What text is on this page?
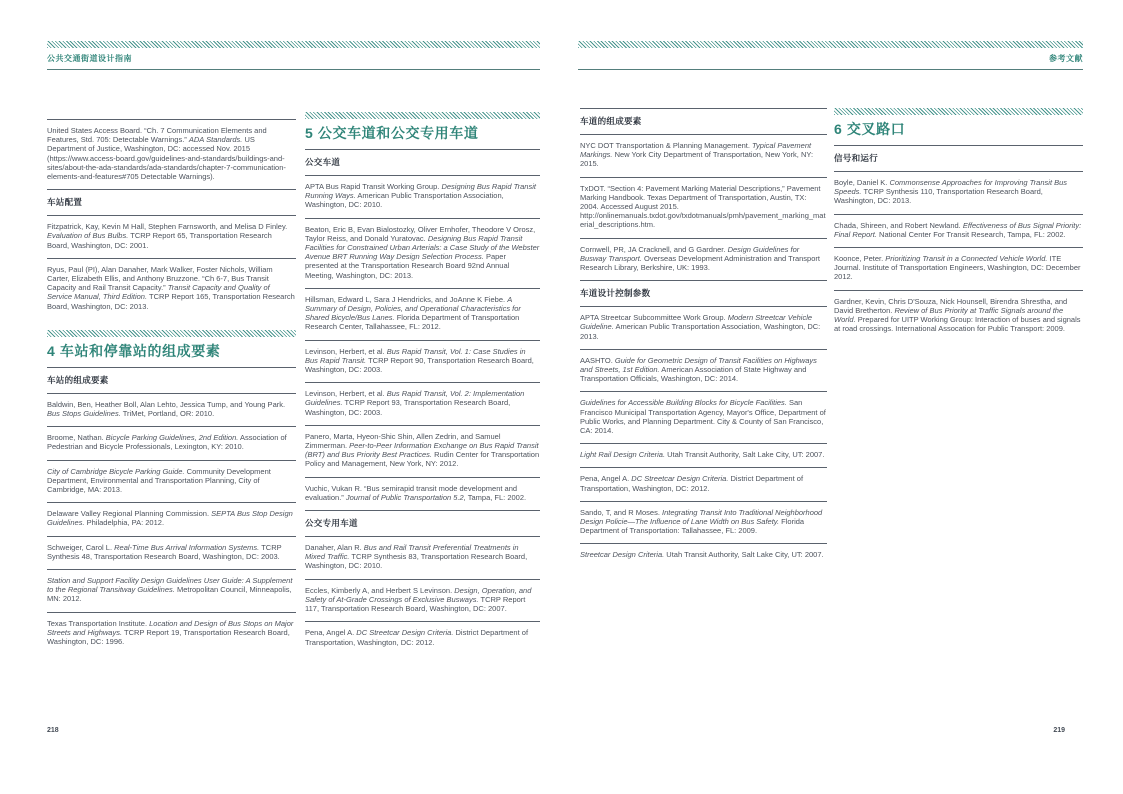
公共交通街道设计指南
United States Access Board. “Ch. 7 Communication Elements and Features, Std. 705: Detectable Warnings.” ADA Standards. US Department of Justice, Washington, DC: accessed Nov. 2015 (https://www.access-board.gov/guidelines-and-standards/buildings-and-sites/about-the-ada-standards/ada-standards/chapter-7-communication-elements-and-features#705 Detectable Warnings).
车站配置
Fitzpatrick, Kay, Kevin M Hall, Stephen Farnsworth, and Melisa D Finley. Evaluation of Bus Bulbs. TCRP Report 65, Transportation Research Board, Washington, DC: 2001.
Ryus, Paul (PI), Alan Danaher, Mark Walker, Foster Nichols, William Carter, Elizabeth Ellis, and Anthony Bruzzone. “Ch 6-7, Bus Transit Capacity and Rail Transit Capacity.” Transit Capacity and Quality of Service Manual, Third Edition. TCRP Report 165, Transportation Research Board, Washington, DC: 2013.
4 车站和停靠站的组成要素
车站的组成要素
Baldwin, Ben, Heather Boll, Alan Lehto, Jessica Tump, and Young Park. Bus Stops Guidelines. TriMet, Portland, OR: 2010.
Broome, Nathan. Bicycle Parking Guidelines, 2nd Edition. Association of Pedestrian and Bicycle Professionals, Lexington, KY: 2010.
City of Cambridge Bicycle Parking Guide. Community Development Department, Environmental and Transportation Planning, City of Cambridge, MA: 2013.
Delaware Valley Regional Planning Commission. SEPTA Bus Stop Design Guidelines. Philadelphia, PA: 2012.
Schweiger, Carol L. Real-Time Bus Arrival Information Systems. TCRP Synthesis 48, Transportation Research Board, Washington, DC: 2003.
Station and Support Facility Design Guidelines User Guide: A Supplement to the Regional Transitway Guidelines. Metropolitan Council, Minneapolis, MN: 2012.
Texas Transportation Institute. Location and Design of Bus Stops on Major Streets and Highways. TCRP Report 19, Transportation Research Board, Washington, DC: 1996.
5 公交车道和公交专用车道
公交车道
APTA Bus Rapid Transit Working Group. Designing Bus Rapid Transit Running Ways. American Public Transportation Association, Washington, DC: 2010.
Beaton, Eric B, Evan Bialostozky, Oliver Ernhofer, Theodore V Orosz, Taylor Reiss, and Donald Yuratovac. Designing Bus Rapid Transit Facilities for Constrained Urban Arterials: a Case Study of the Webster Avenue BRT Running Way Design Selection Process. Paper presented at the Transportation Research Board 92nd Annual Meeting, Washington, DC: 2013.
Hillsman, Edward L, Sara J Hendricks, and JoAnne K Fiebe. A Summary of Design, Policies, and Operational Characteristics for Shared Bicycle/Bus Lanes. Florida Department of Transportation Research Center, Tallahassee, FL: 2012.
Levinson, Herbert, et al. Bus Rapid Transit, Vol. 1: Case Studies in Bus Rapid Transit. TCRP Report 90, Transportation Research Board, Washington, DC: 2003.
Levinson, Herbert, et al. Bus Rapid Transit, Vol. 2: Implementation Guidelines. TCRP Report 93, Transportation Research Board, Washington, DC: 2003.
Panero, Marta, Hyeon-Shic Shin, Allen Zedrin, and Samuel Zimmerman. Peer-to-Peer Information Exchange on Bus Rapid Transit (BRT) and Bus Priority Best Practices. Rudin Center for Transportation Policy and Management, New York, NY: 2012.
Vuchic, Vukan R. “Bus semirapid transit mode development and evaluation.” Journal of Public Transportation 5.2, Tampa, FL: 2002.
公交专用车道
Danaher, Alan R. Bus and Rail Transit Preferential Treatments in Mixed Traffic. TCRP Synthesis 83, Transportation Research Board, Washington, DC: 2010.
Eccles, Kimberly A, and Herbert S Levinson. Design, Operation, and Safety of At-Grade Crossings of Exclusive Busways. TCRP Report 117, Transportation Research Board, Washington, DC: 2007.
Pena, Angel A. DC Streetcar Design Criteria. District Department of Transportation, Washington, DC: 2012.
218
参考文献
车道的组成要素
NYC DOT Transportation & Planning Management. Typical Pavement Markings. New York City Department of Transportation, New York, NY: 2015.
TxDOT. “Section 4: Pavement Marking Material Descriptions,” Pavement Marking Handbook. Texas Department of Transportation, Austin, TX: 2004. Accessed August 2015. http://onlinemanuals.txdot.gov/txdotmanuals/pmh/pavement_marking_material_descriptions.htm.
Cornwell, PR, JA Cracknell, and G Gardner. Design Guidelines for Busway Transport. Overseas Development Administration and Transport Research Library, Berkshire, UK: 1993.
车道设计控制参数
APTA Streetcar Subcommittee Work Group. Modern Streetcar Vehicle Guideline. American Public Transportation Association, Washington, DC: 2013.
AASHTO. Guide for Geometric Design of Transit Facilities on Highways and Streets, 1st Edition. American Association of State Highway and Transportation Officials, Washington, DC: 2014.
Guidelines for Accessible Building Blocks for Bicycle Facilities. San Francisco Municipal Transportation Agency, Mayor's Office, Department of Public Works, and Planning Department. City & County of San Francisco, CA: 2014.
Light Rail Design Criteria. Utah Transit Authority, Salt Lake City, UT: 2007.
Pena, Angel A. DC Streetcar Design Criteria. District Department of Transportation, Washington, DC: 2012.
Sando, T, and R Moses. Integrating Transit Into Traditional Neighborhood Design Policie—The Influence of Lane Width on Bus Safety. Florida Department of Transportation: Tallahassee, FL: 2009.
Streetcar Design Criteria. Utah Transit Authority, Salt Lake City, UT: 2007.
6 交叉路口
信号和运行
Boyle, Daniel K. Commonsense Approaches for Improving Transit Bus Speeds. TCRP Synthesis 110, Transportation Research Board, Washington, DC: 2013.
Chada, Shireen, and Robert Newland. Effectiveness of Bus Signal Priority: Final Report. National Center For Transit Research, Tampa, FL: 2002.
Koonce, Peter. Prioritizing Transit in a Connected Vehicle World. ITE Journal. Institute of Transportation Engineers, Washington, DC: December 2012.
Gardner, Kevin, Chris D'Souza, Nick Hounsell, Birendra Shrestha, and David Bretherton. Review of Bus Priority at Traffic Signals around the World. Prepared for UITP Working Group: Interaction of buses and signals at road crossings. International Assocation for Public Transport: 2009.
219
